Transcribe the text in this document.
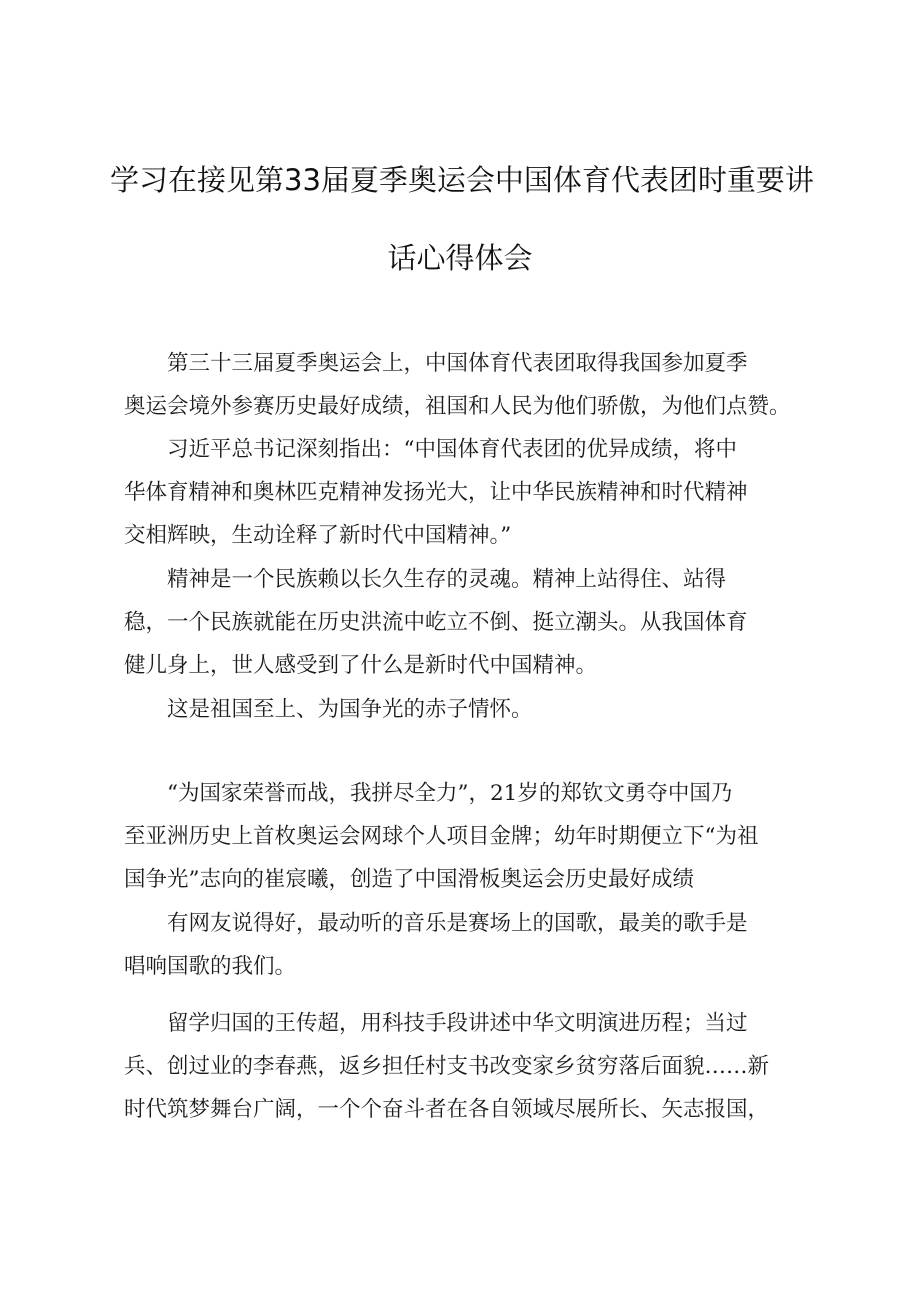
学习在接见第33届夏季奥运会中国体育代表团时重要讲
话心得体会

　　第三十三届夏季奥运会上，中国体育代表团取得我国参加夏季
奥运会境外参赛历史最好成绩，祖国和人民为他们骄傲，为他们点赞。

　　习近平总书记深刻指出：“中国体育代表团的优异成绩，将中
华体育精神和奥林匹克精神发扬光大，让中华民族精神和时代精神
交相辉映，生动诠释了新时代中国精神。”

　　精神是一个民族赖以长久生存的灵魂。精神上站得住、站得
稳，一个民族就能在历史洪流中屹立不倒、挺立潮头。从我国体育
健儿身上，世人感受到了什么是新时代中国精神。

　　这是祖国至上、为国争光的赤子情怀。

　　“为国家荣誉而战，我拼尽全力”，21岁的郑钦文勇夺中国乃
至亚洲历史上首枚奥运会网球个人项目金牌；幼年时期便立下“为祖
国争光”志向的崔宸曦，创造了中国滑板奥运会历史最好成绩

　　有网友说得好，最动听的音乐是赛场上的国歌，最美的歌手是
唱响国歌的我们。

　　留学归国的王传超，用科技手段讲述中华文明演进历程；当过
兵、创过业的李春燕，返乡担任村支书改变家乡贫穷落后面貌……新
时代筑梦舞台广阔，一个个奋斗者在各自领域尽展所长、矢志报国，
